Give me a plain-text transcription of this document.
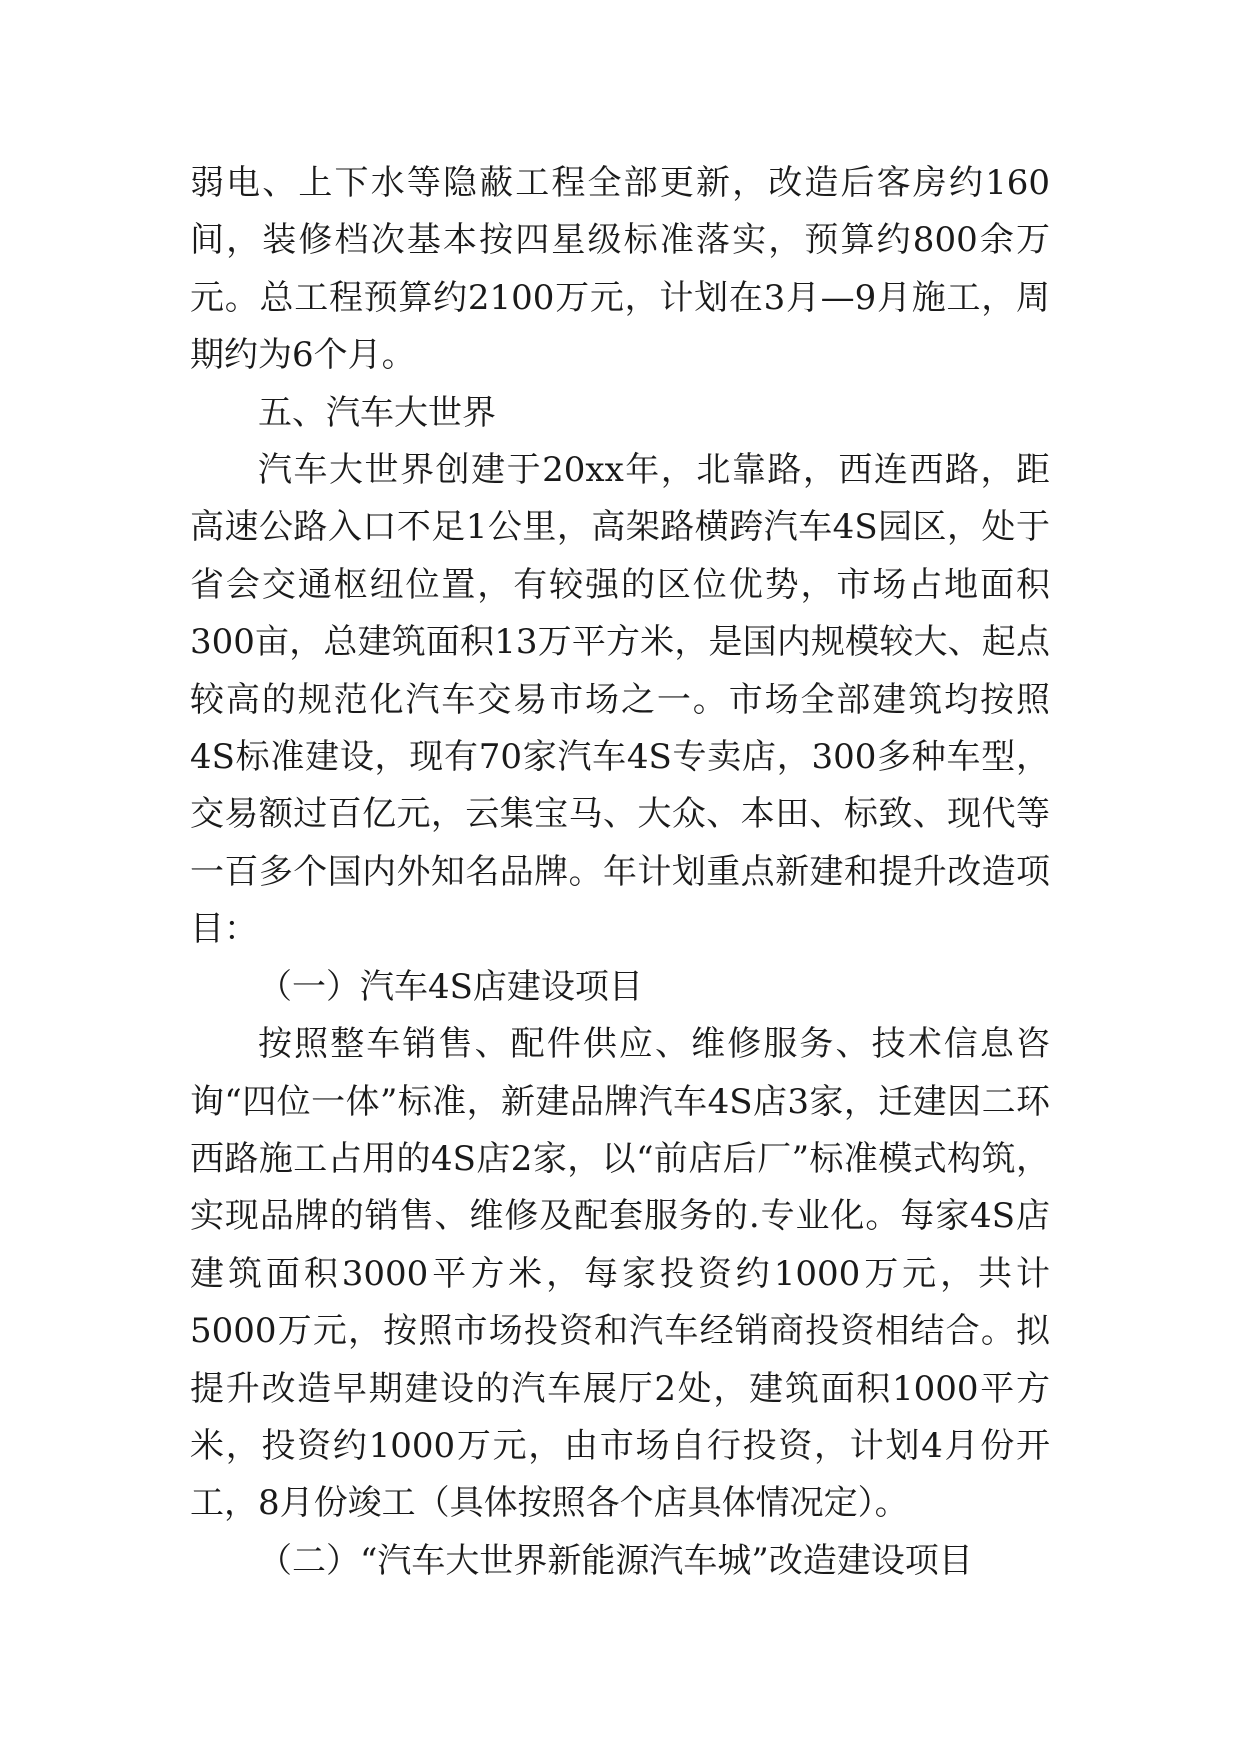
弱电、上下水等隐蔽工程全部更新，改造后客房约160间，装修档次基本按四星级标准落实，预算约800余万元。总工程预算约2100万元，计划在3月—9月施工，周期约为6个月。

五、汽车大世界

汽车大世界创建于20xx年，北靠路，西连西路，距高速公路入口不足1公里，高架路横跨汽车4S园区，处于省会交通枢纽位置，有较强的区位优势，市场占地面积300亩，总建筑面积13万平方米，是国内规模较大、起点较高的规范化汽车交易市场之一。市场全部建筑均按照4S标准建设，现有70家汽车4S专卖店，300多种车型，交易额过百亿元，云集宝马、大众、本田、标致、现代等一百多个国内外知名品牌。年计划重点新建和提升改造项目：

（一）汽车4S店建设项目

按照整车销售、配件供应、维修服务、技术信息咨询“四位一体”标准，新建品牌汽车4S店3家，迁建因二环西路施工占用的4S店2家，以“前店后厂”标准模式构筑，实现品牌的销售、维修及配套服务的.专业化。每家4S店建筑面积3000平方米，每家投资约1000万元，共计5000万元，按照市场投资和汽车经销商投资相结合。拟提升改造早期建设的汽车展厅2处，建筑面积1000平方米，投资约1000万元，由市场自行投资，计划4月份开工，8月份竣工（具体按照各个店具体情况定）。

（二）“汽车大世界新能源汽车城”改造建设项目
